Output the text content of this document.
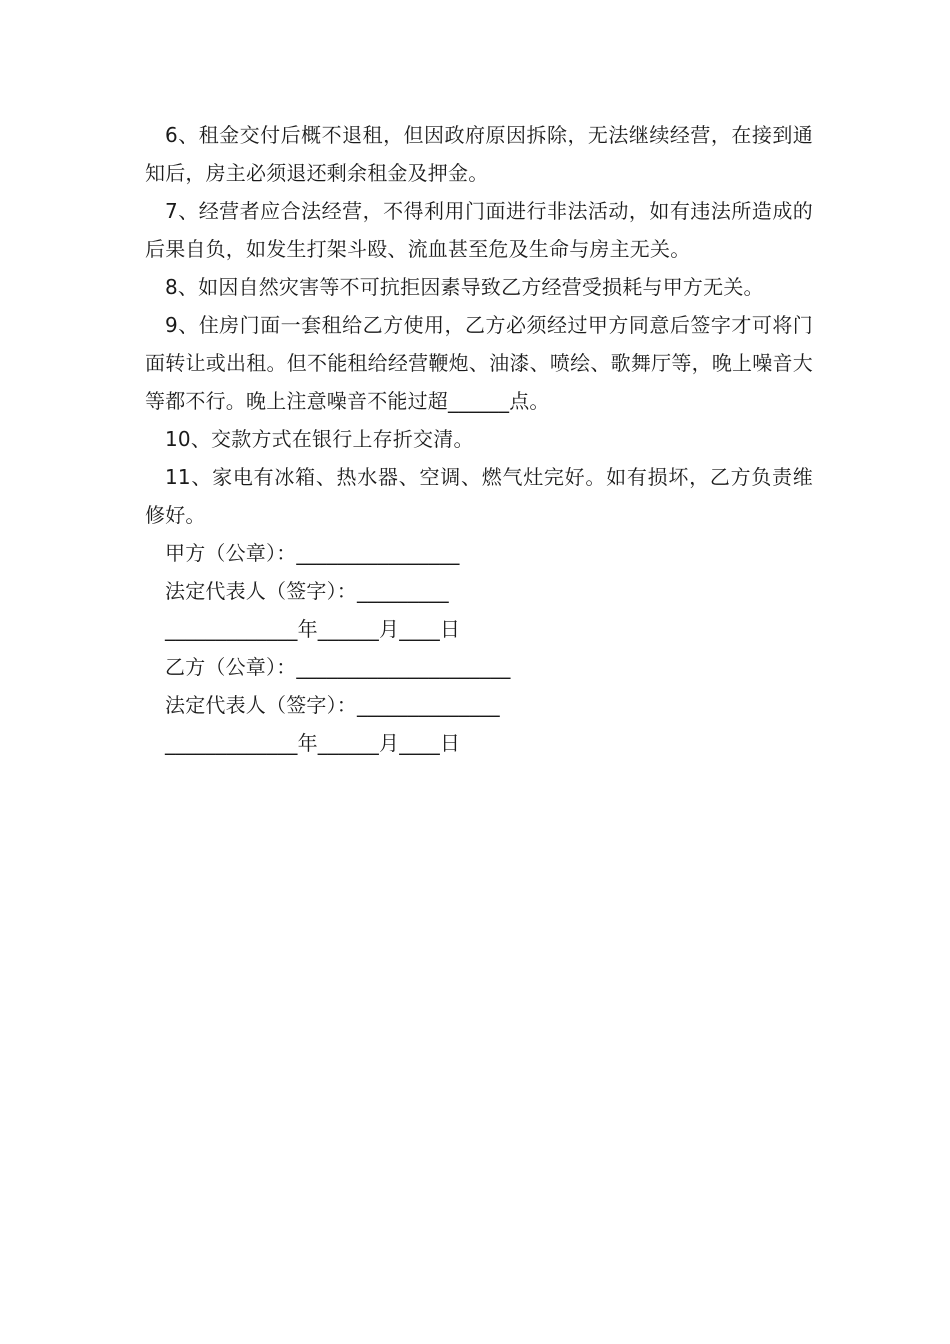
6、租金交付后概不退租，但因政府原因拆除，无法继续经营，在接到通知后，房主必须退还剩余租金及押金。

7、经营者应合法经营，不得利用门面进行非法活动，如有违法所造成的后果自负，如发生打架斗殴、流血甚至危及生命与房主无关。

8、如因自然灾害等不可抗拒因素导致乙方经营受损耗与甲方无关。

9、住房门面一套租给乙方使用，乙方必须经过甲方同意后签字才可将门面转让或出租。但不能租给经营鞭炮、油漆、喷绘、歌舞厅等，晚上噪音大等都不行。晚上注意噪音不能过超______点。

10、交款方式在银行上存折交清。

11、家电有冰箱、热水器、空调、燃气灶完好。如有损坏，乙方负责维修好。

甲方（公章）：________________

法定代表人（签字）：_________

_____________年______月____日

乙方（公章）：_____________________

法定代表人（签字）：______________

_____________年______月____日
